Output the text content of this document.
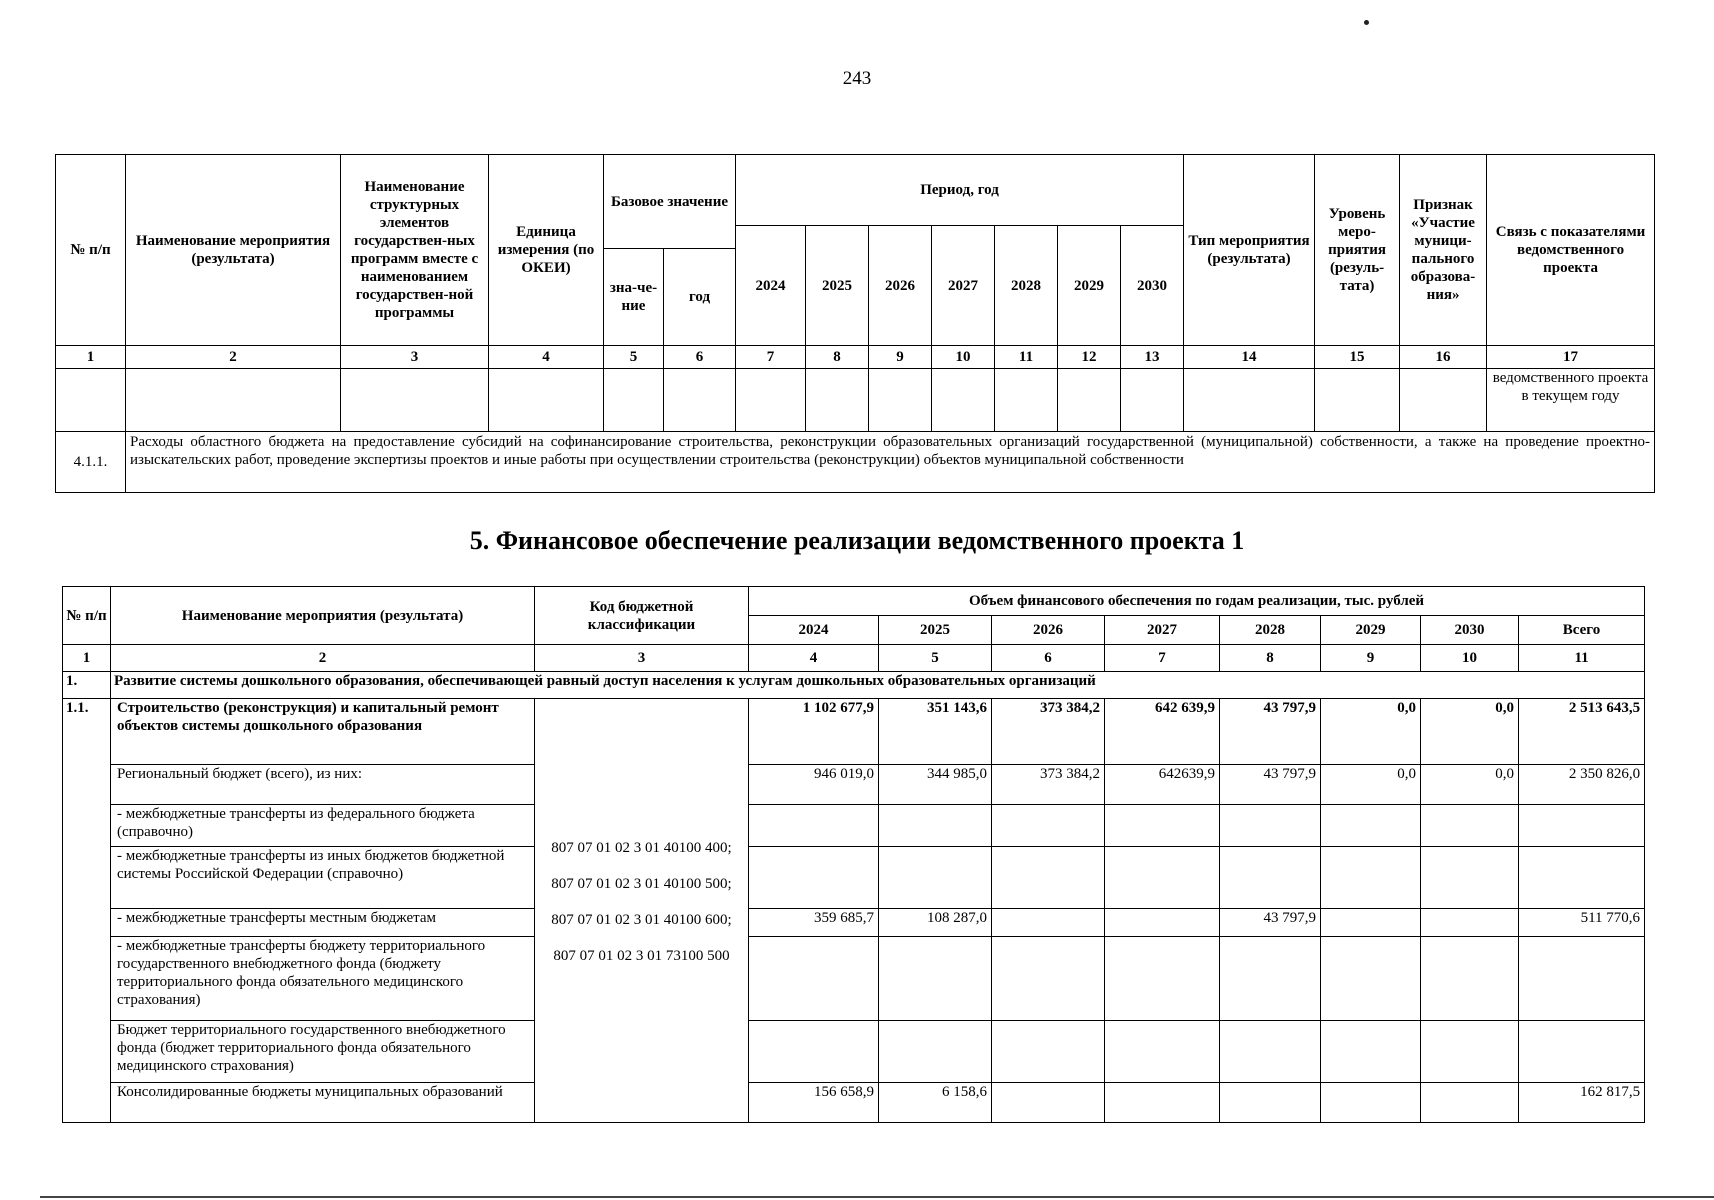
243
№ п/п	Наименование мероприятия (результата)	Наименование структурных элементов государствен-ных программ вместе с наименованием государствен-ной программы	Единица измерения (по ОКЕИ)	Базовое значение		Период, год							Тип мероприятия (результата)	Уровень меро-приятия (резуль-тата)	Признак «Участие муници-пального образова-ния»	Связь с показателями ведомственного проекта
						2024	2025	2026	2027	2028	2029	2030				
				зна-че-ние	год											
1	2	3	4	5	6	7	8	9	10	11	12	13	14	15	16	17
																ведомственного проекта в текущем году
4.1.1.	Расходы областного бюджета на предоставление субсидий на софинансирование строительства, реконструкции образовательных организаций государственной (муниципальной) собственности, а также на проведение проектно-изыскательских работ, проведение экспертизы проектов и иные работы при осуществлении строительства (реконструкции) объектов муниципальной собственности															
5. Финансовое обеспечение реализации ведомственного проекта 1
№ п/п	Наименование мероприятия (результата)	Код бюджетной классификации	Объем финансового обеспечения по годам реализации, тыс. рублей							
			2024	2025	2026	2027	2028	2029	2030	Всего
1	2	3	4	5	6	7	8	9	10	11
1.	Развитие системы дошкольного образования, обеспечивающей равный доступ населения к услугам дошкольных образовательных организаций									
1.1.	Строительство (реконструкция) и капитальный ремонт объектов системы дошкольного образования	807 07 01 02 3 01 40100 400;
807 07 01 02 3 01 40100 500;
807 07 01 02 3 01 40100 600;
807 07 01 02 3 01 73100 500	1 102 677,9	351 143,6	373 384,2	642 639,9	43 797,9	0,0	0,0	2 513 643,5
	Региональный бюджет (всего), из них:		946 019,0	344 985,0	373 384,2	642639,9	43 797,9	0,0	0,0	2 350 826,0
	- межбюджетные трансферты из федерального бюджета (справочно)									
	- межбюджетные трансферты из иных бюджетов бюджетной системы Российской Федерации (справочно)									
	- межбюджетные трансферты местным бюджетам		359 685,7	108 287,0			43 797,9			511 770,6
	- межбюджетные трансферты бюджету территориального государственного внебюджетного фонда (бюджету территориального фонда обязательного медицинского страхования)									
	Бюджет территориального государственного внебюджетного фонда (бюджет территориального фонда обязательного медицинского страхования)									
	Консолидированные бюджеты муниципальных образований		156 658,9	6 158,6						162 817,5
